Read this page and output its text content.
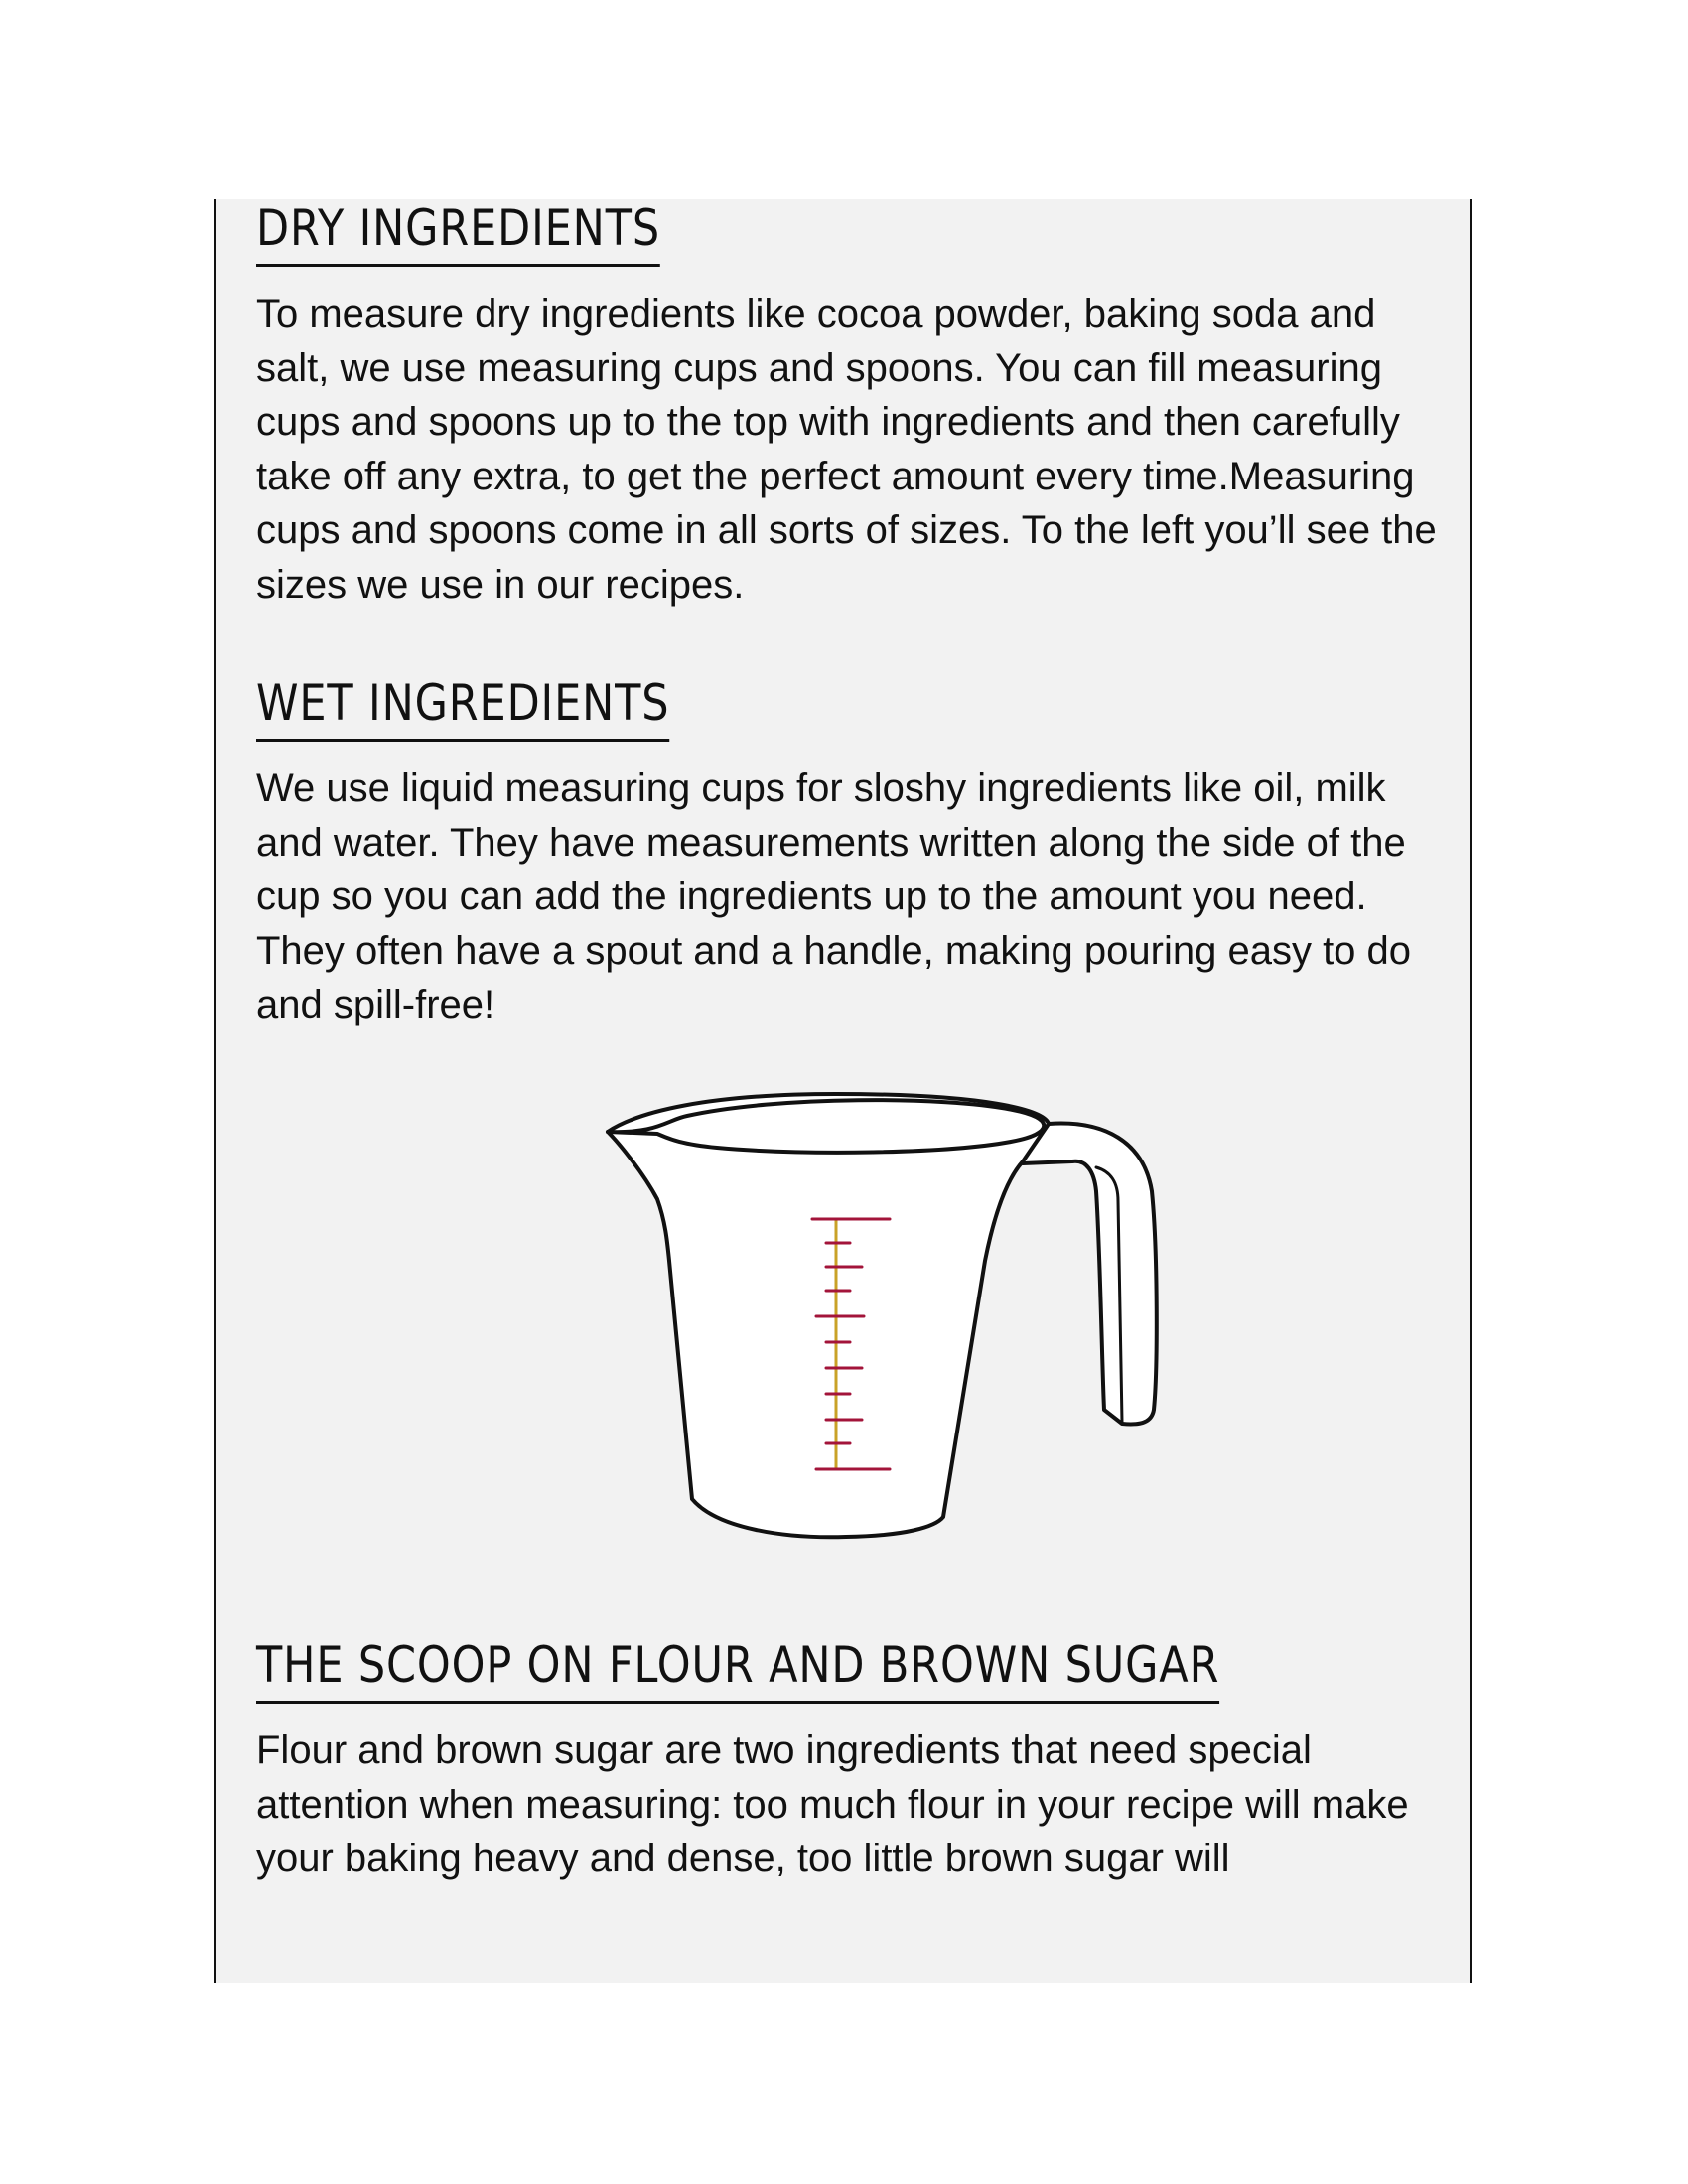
DRY INGREDIENTS

To measure dry ingredients like cocoa powder, baking soda and salt, we use measuring cups and spoons. You can fill measuring cups and spoons up to the top with ingredients and then carefully take off any extra, to get the perfect amount every time.Measuring cups and spoons come in all sorts of sizes. To the left you’ll see the sizes we use in our recipes.

WET INGREDIENTS

We use liquid measuring cups for sloshy ingredients like oil, milk and water. They have measurements written along the side of the cup so you can add the ingredients up to the amount you need. They often have a spout and a handle, making pouring easy to do and spill-free!

THE SCOOP ON FLOUR AND BROWN SUGAR

Flour and brown sugar are two ingredients that need special attention when measuring: too much flour in your recipe will make your baking heavy and dense, too little brown sugar will
